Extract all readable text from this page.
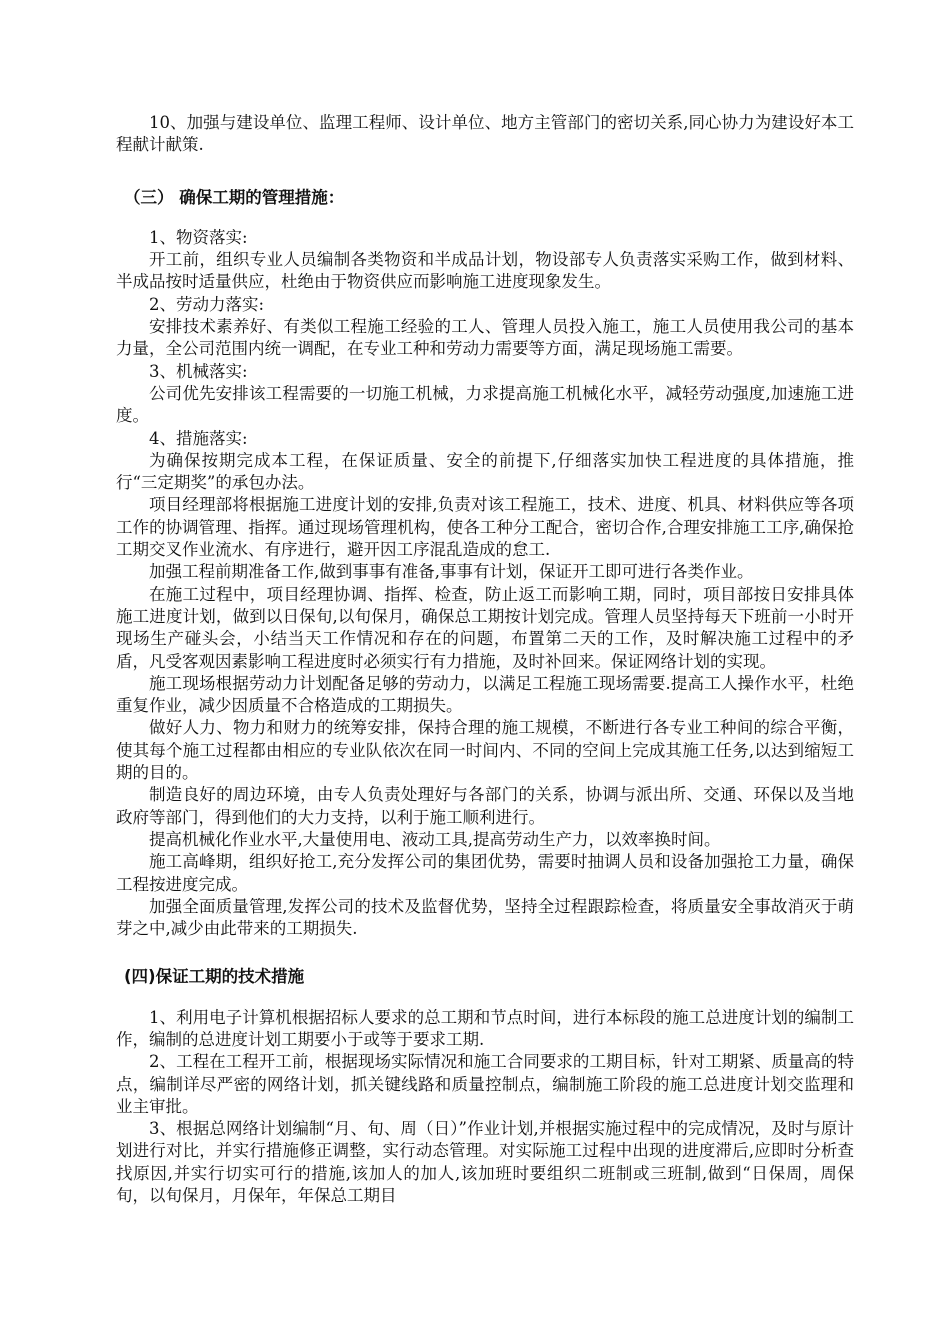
10、加强与建设单位、监理工程师、设计单位、地方主管部门的密切关系,同心协力为建设好本工程献计献策.

（三） 确保工期的管理措施：

1、物资落实:

开工前，组织专业人员编制各类物资和半成品计划，物设部专人负责落实采购工作，做到材料、半成品按时适量供应，杜绝由于物资供应而影响施工进度现象发生。

2、劳动力落实:

安排技术素养好、有类似工程施工经验的工人、管理人员投入施工，施工人员使用我公司的基本力量，全公司范围内统一调配，在专业工种和劳动力需要等方面，满足现场施工需要。

3、机械落实:

公司优先安排该工程需要的一切施工机械，力求提高施工机械化水平，减轻劳动强度,加速施工进度。

4、措施落实:

为确保按期完成本工程，在保证质量、安全的前提下,仔细落实加快工程进度的具体措施，推行“三定期奖”的承包办法。

项目经理部将根据施工进度计划的安排,负责对该工程施工，技术、进度、机具、材料供应等各项工作的协调管理、指挥。通过现场管理机构，使各工种分工配合，密切合作,合理安排施工工序,确保抢工期交叉作业流水、有序进行，避开因工序混乱造成的怠工.

加强工程前期准备工作,做到事事有准备,事事有计划，保证开工即可进行各类作业。

在施工过程中，项目经理协调、指挥、检查，防止返工而影响工期，同时，项目部按日安排具体施工进度计划，做到以日保旬,以旬保月，确保总工期按计划完成。管理人员坚持每天下班前一小时开现场生产碰头会，小结当天工作情况和存在的问题，布置第二天的工作，及时解决施工过程中的矛盾，凡受客观因素影响工程进度时必须实行有力措施，及时补回来。保证网络计划的实现。

施工现场根据劳动力计划配备足够的劳动力，以满足工程施工现场需要.提高工人操作水平，杜绝重复作业，减少因质量不合格造成的工期损失。

做好人力、物力和财力的统筹安排，保持合理的施工规模，不断进行各专业工种间的综合平衡，使其每个施工过程都由相应的专业队依次在同一时间内、不同的空间上完成其施工任务,以达到缩短工期的目的。

制造良好的周边环境，由专人负责处理好与各部门的关系，协调与派出所、交通、环保以及当地政府等部门，得到他们的大力支持，以利于施工顺利进行。

提高机械化作业水平,大量使用电、液动工具,提高劳动生产力，以效率换时间。

施工高峰期，组织好抢工,充分发挥公司的集团优势，需要时抽调人员和设备加强抢工力量，确保工程按进度完成。

加强全面质量管理,发挥公司的技术及监督优势，坚持全过程跟踪检查，将质量安全事故消灭于萌芽之中,减少由此带来的工期损失.

(四)保证工期的技术措施

1、利用电子计算机根据招标人要求的总工期和节点时间，进行本标段的施工总进度计划的编制工作，编制的总进度计划工期要小于或等于要求工期.

2、工程在工程开工前，根据现场实际情况和施工合同要求的工期目标，针对工期紧、质量高的特点，编制详尽严密的网络计划，抓关键线路和质量控制点，编制施工阶段的施工总进度计划交监理和业主审批。

3、根据总网络计划编制“月、旬、周（日）”作业计划,并根据实施过程中的完成情况，及时与原计划进行对比，并实行措施修正调整，实行动态管理。对实际施工过程中出现的进度滞后,应即时分析查找原因,并实行切实可行的措施,该加人的加人,该加班时要组织二班制或三班制,做到“日保周，周保旬，以旬保月，月保年，年保总工期目
